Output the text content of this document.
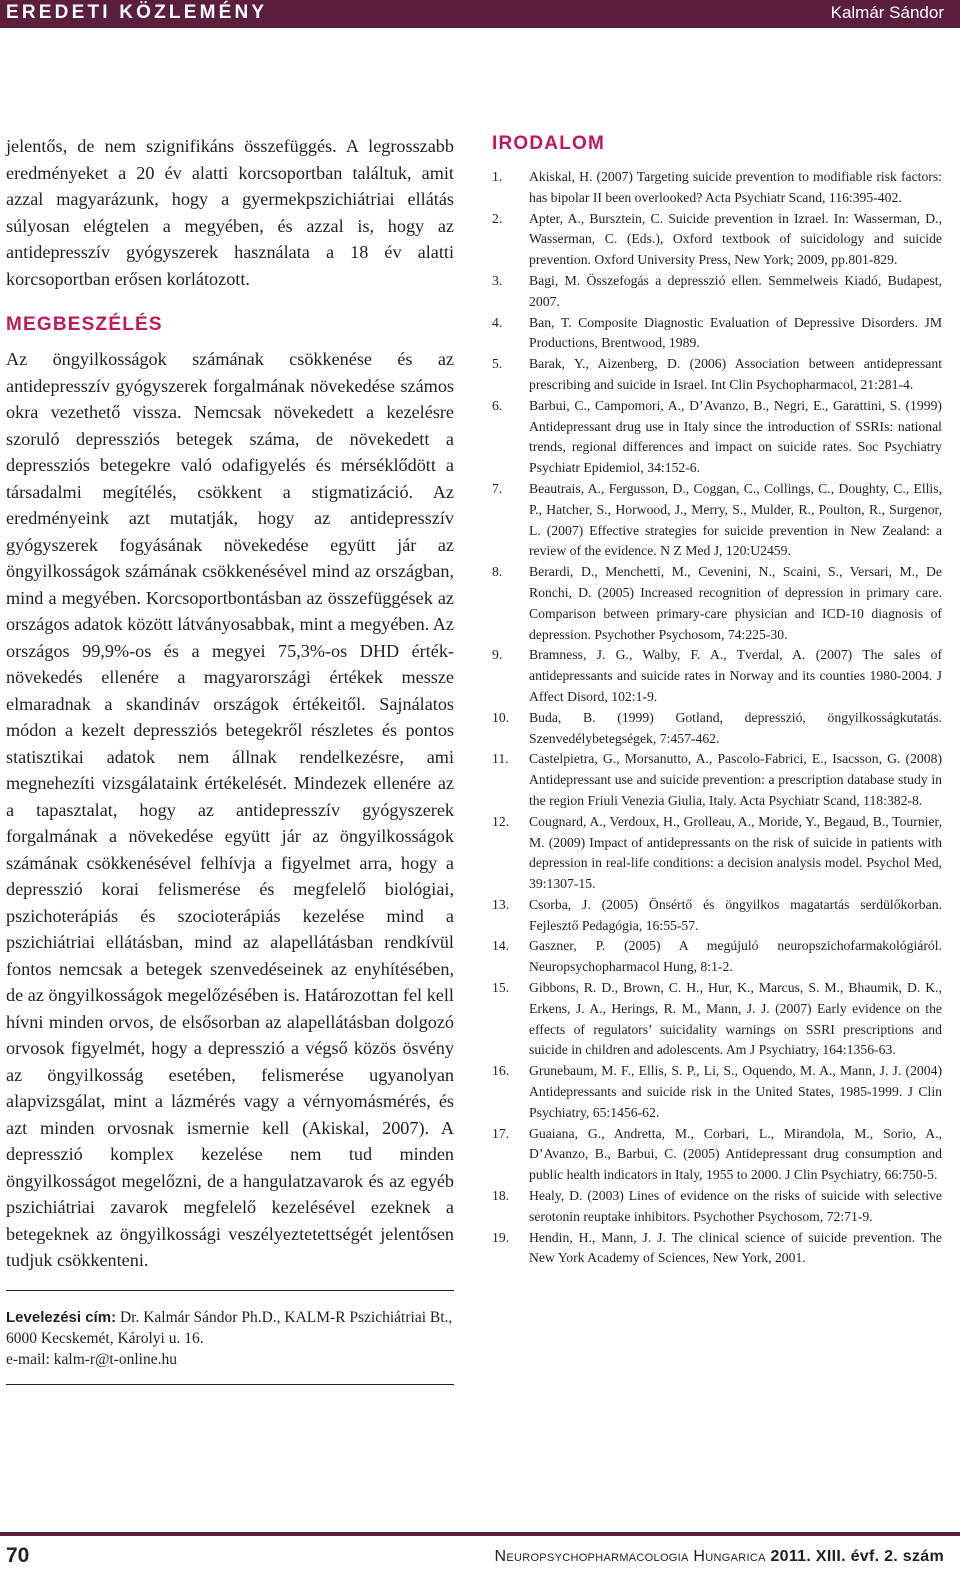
EREDETI KÖZLEMÉNY	Kalmár Sándor

jelentős, de nem szignifikáns összefüggés. A legrosszabb eredményeket a 20 év alatti korcsoportban találtuk, amit azzal magyarázunk, hogy a gyermekpszichiátriai ellátás súlyosan elégtelen a megyében, és azzal is, hogy az antidepresszív gyógyszerek használata a 18 év alatti korcsoportban erősen korlátozott.

MEGBESZÉLÉS

Az öngyilkosságok számának csökkenése és az antidepresszív gyógyszerek forgalmának növekedése számos okra vezethető vissza. Nemcsak növekedett a kezelésre szoruló depressziós betegek száma, de növekedett a depressziós betegekre való odafigyelés és mérséklődött a társadalmi megítélés, csökkent a stigmatizáció. Az eredményeink azt mutatják, hogy az antidepresszív gyógyszerek fogyásának növekedése együtt jár az öngyilkosságok számának csökkenésével mind az országban, mind a megyében. Korcsoportbontásban az összefüggések az országos adatok között látványosabbak, mint a megyében. Az országos 99,9%-os és a megyei 75,3%-os DHD érték-növekedés ellenére a magyarországi értékek messze elmaradnak a skandináv országok értékeitől. Sajnálatos módon a kezelt depressziós betegekről részletes és pontos statisztikai adatok nem állnak rendelkezésre, ami megnehezíti vizsgálataink értékelését. Mindezek ellenére az a tapasztalat, hogy az antidepresszív gyógyszerek forgalmának a növekedése együtt jár az öngyilkosságok számának csökkenésével felhívja a figyelmet arra, hogy a depresszió korai felismerése és megfelelő biológiai, pszichoterápiás és szocioterápiás kezelése mind a pszichiátriai ellátásban, mind az alapellátásban rendkívül fontos nemcsak a betegek szenvedéseinek az enyhítésében, de az öngyilkosságok megelőzésében is. Határozottan fel kell hívni minden orvos, de elsősorban az alapellátásban dolgozó orvosok figyelmét, hogy a depresszió a végső közös ösvény az öngyilkosság esetében, felismerése ugyanolyan alapvizsgálat, mint a lázmérés vagy a vérnyomásmérés, és azt minden orvosnak ismernie kell (Akiskal, 2007). A depresszió komplex kezelése nem tud minden öngyilkosságot megelőzni, de a hangulatzavarok és az egyéb pszichiátriai zavarok megfelelő kezelésével ezeknek a betegeknek az öngyilkossági veszélyeztetettségét jelentősen tudjuk csökkenteni.

Levelezési cím: Dr. Kalmár Sándor Ph.D., KALM-R Pszichiátriai Bt., 6000 Kecskemét, Károlyi u. 16.
e-mail: kalm-r@t-online.hu
IRODALOM
1. Akiskal, H. (2007) Targeting suicide prevention to modifiable risk factors: has bipolar II been overlooked? Acta Psychiatr Scand, 116:395-402.
2. Apter, A., Bursztein, C. Suicide prevention in Izrael. In: Wasserman, D., Wasserman, C. (Eds.), Oxford textbook of suicidology and suicide prevention. Oxford University Press, New York; 2009, pp.801-829.
3. Bagi, M. Összefogás a depresszió ellen. Semmelweis Kiadó, Budapest, 2007.
4. Ban, T. Composite Diagnostic Evaluation of Depressive Disorders. JM Productions, Brentwood, 1989.
5. Barak, Y., Aizenberg, D. (2006) Association between antidepressant prescribing and suicide in Israel. Int Clin Psychopharmacol, 21:281-4.
6. Barbui, C., Campomori, A., D’Avanzo, B., Negri, E., Garattini, S. (1999) Antidepressant drug use in Italy since the introduction of SSRIs: national trends, regional differences and impact on suicide rates. Soc Psychiatry Psychiatr Epidemiol, 34:152-6.
7. Beautrais, A., Fergusson, D., Coggan, C., Collings, C., Doughty, C., Ellis, P., Hatcher, S., Horwood, J., Merry, S., Mulder, R., Poulton, R., Surgenor, L. (2007) Effective strategies for suicide prevention in New Zealand: a review of the evidence. N Z Med J, 120:U2459.
8. Berardi, D., Menchetti, M., Cevenini, N., Scaini, S., Versari, M., De Ronchi, D. (2005) Increased recognition of depression in primary care. Comparison between primary-care physician and ICD-10 diagnosis of depression. Psychother Psychosom, 74:225-30.
9. Bramness, J. G., Walby, F. A., Tverdal, A. (2007) The sales of antidepressants and suicide rates in Norway and its counties 1980-2004. J Affect Disord, 102:1-9.
10. Buda, B. (1999) Gotland, depresszió, öngyilkosságkutatás. Szenvedélybetegségek, 7:457-462.
11. Castelpietra, G., Morsanutto, A., Pascolo-Fabrici, E., Isacsson, G. (2008) Antidepressant use and suicide prevention: a prescription database study in the region Friuli Venezia Giulia, Italy. Acta Psychiatr Scand, 118:382-8.
12. Cougnard, A., Verdoux, H., Grolleau, A., Moride, Y., Begaud, B., Tournier, M. (2009) Impact of antidepressants on the risk of suicide in patients with depression in real-life conditions: a decision analysis model. Psychol Med, 39:1307-15.
13. Csorba, J. (2005) Önsértő és öngyilkos magatartás serdülőkorban. Fejlesztő Pedagógia, 16:55-57.
14. Gaszner, P. (2005) A megújuló neuropszichofarmakológiáról. Neuropsychopharmacol Hung, 8:1-2.
15. Gibbons, R. D., Brown, C. H., Hur, K., Marcus, S. M., Bhaumik, D. K., Erkens, J. A., Herings, R. M., Mann, J. J. (2007) Early evidence on the effects of regulators’ suicidality warnings on SSRI prescriptions and suicide in children and adolescents. Am J Psychiatry, 164:1356-63.
16. Grunebaum, M. F., Ellis, S. P., Li, S., Oquendo, M. A., Mann, J. J. (2004) Antidepressants and suicide risk in the United States, 1985-1999. J Clin Psychiatry, 65:1456-62.
17. Guaiana, G., Andretta, M., Corbari, L., Mirandola, M., Sorio, A., D’Avanzo, B., Barbui, C. (2005) Antidepressant drug consumption and public health indicators in Italy, 1955 to 2000. J Clin Psychiatry, 66:750-5.
18. Healy, D. (2003) Lines of evidence on the risks of suicide with selective serotonin reuptake inhibitors. Psychother Psychosom, 72:71-9.
19. Hendin, H., Mann, J. J. The clinical science of suicide prevention. The New York Academy of Sciences, New York, 2001.
70	Neuropsychopharmacologia Hungarica 2011. XIII. évf. 2. szám
